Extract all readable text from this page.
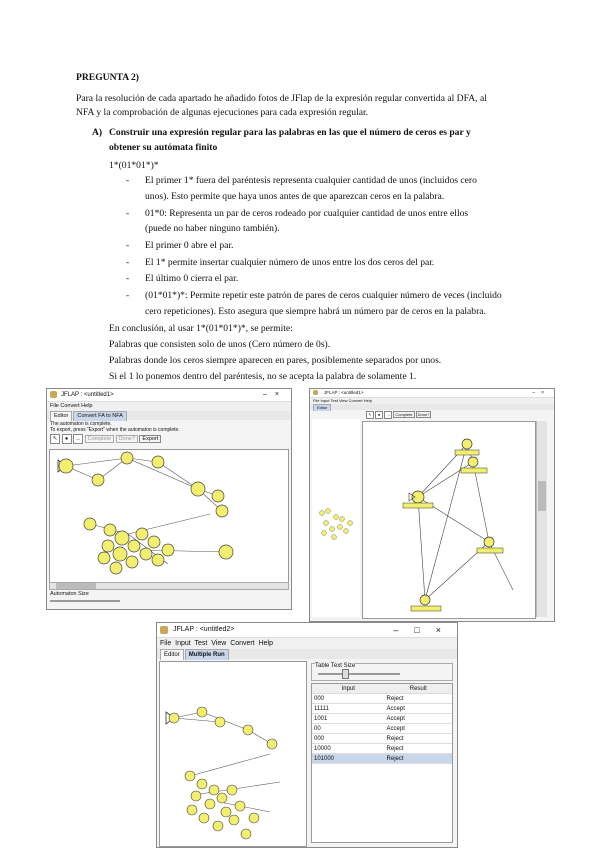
PREGUNTA 2)
Para la resolución de cada apartado he añadido fotos de JFlap de la expresión regular convertida al DFA, al
NFA y la comprobación de algunas ejecuciones para cada expresión regular.
A) Construir una expresión regular para las palabras en las que el número de ceros es par y
obtener su autómata finito
1*(01*01*)*
- El primer 1* fuera del paréntesis representa cualquier cantidad de unos (incluidos cero
unos). Esto permite que haya unos antes de que aparezcan ceros en la palabra.
- 01*0: Representa un par de ceros rodeado por cualquier cantidad de unos entre ellos
(puede no haber ninguno también).
- El primer 0 abre el par.
- El 1* permite insertar cualquier número de unos entre los dos ceros del par.
- El último 0 cierra el par.
- (01*01*)*: Permite repetir este patrón de pares de ceros cualquier número de veces (incluido
cero repeticiones). Esto asegura que siempre habrá un número par de ceros en la palabra.
En conclusión, al usar 1*(01*01*)*, se permite:
Palabras que consisten solo de unos (Cero número de 0s).
Palabras donde los ceros siempre aparecen en pares, posiblemente separados por unos.
Si el 1 lo ponemos dentro del paréntesis, no se acepta la palabra de solamente 1.
JFLAP : <untitled1>	–×
File Convert Help
Editor Convert FA to NFA
The automaton is complete.
To export, press "Export" when the automaton is complete.
↖ ● → Complete Done? Export
Automaton Size
JFLAP : <untitled1>	–×
File Input Test View Convert Help
Editor
↖ ● → Complete Done?
JFLAP : <untitled2>	–□×
File Input Test View Convert Help
Editor Multiple Run
Table Text Size
Input	Result
000	Reject
11111	Accept
1001	Accept
00	Accept
000	Reject
10000	Reject
101000	Reject
